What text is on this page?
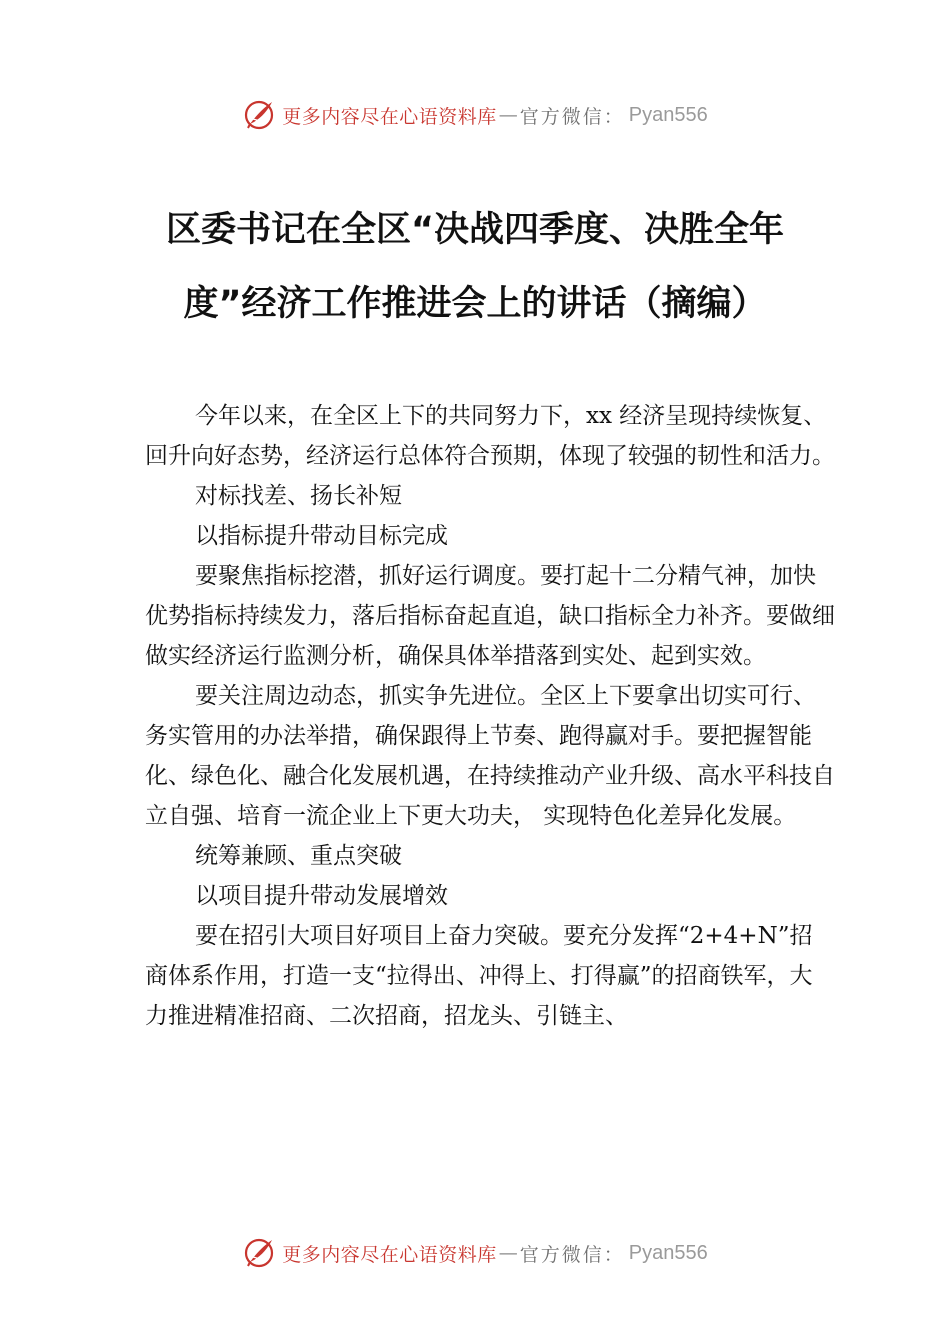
更多内容尽在心语资料库 — 官方微信： Pyan556
区委书记在全区“决战四季度、决胜全年
度”经济工作推进会上的讲话（摘编）

今年以来，在全区上下的共同努力下，xx 经济呈现持续恢复、回升向好态势，经济运行总体符合预期，体现了较强的韧性和活力。

对标找差、扬长补短

以指标提升带动目标完成

要聚焦指标挖潜，抓好运行调度。要打起十二分精气神，加快优势指标持续发力，落后指标奋起直追，缺口指标全力补齐。要做细做实经济运行监测分析，确保具体举措落到实处、起到实效。

要关注周边动态，抓实争先进位。全区上下要拿出切实可行、务实管用的办法举措，确保跟得上节奏、跑得赢对手。要把握智能化、绿色化、融合化发展机遇，在持续推动产业升级、高水平科技自立自强、培育一流企业上下更大功夫， 实现特色化差异化发展。

统筹兼顾、重点突破

以项目提升带动发展增效

要在招引大项目好项目上奋力突破。要充分发挥“2+4+N”招商体系作用，打造一支“拉得出、冲得上、打得赢”的招商铁军，大力推进精准招商、二次招商，招龙头、引链主、

更多内容尽在心语资料库 — 官方微信： Pyan556
